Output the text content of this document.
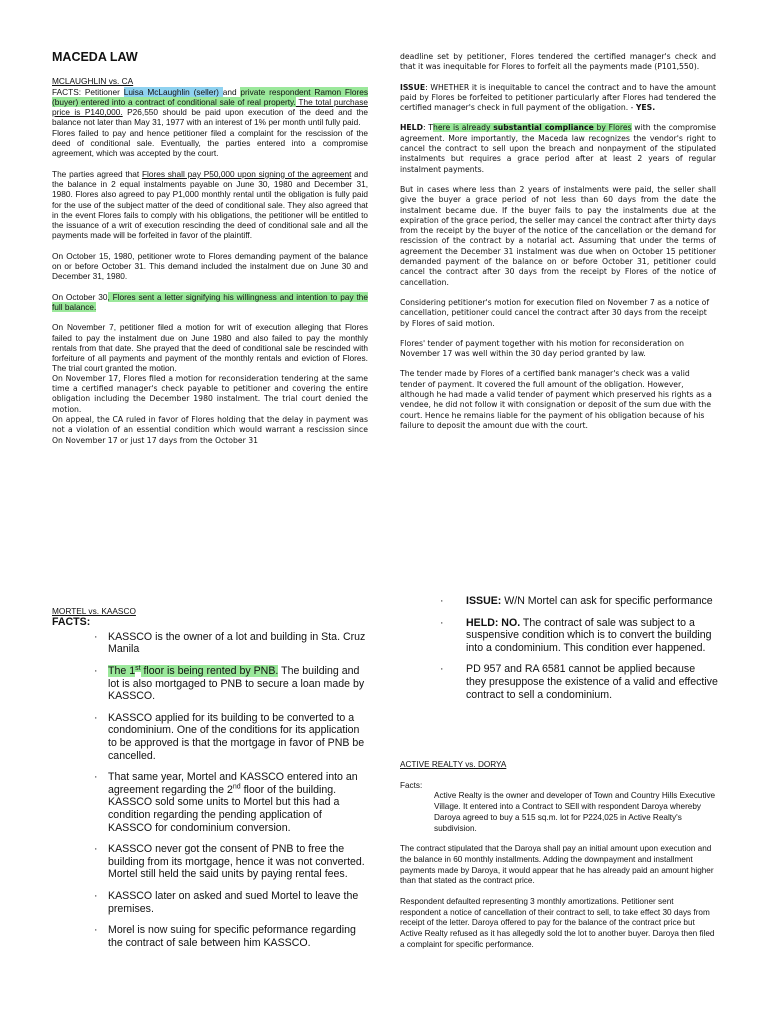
MACEDA LAW

MCLAUGHLIN vs. CA

FACTS: Petitioner Luisa McLaughlin (seller) and private respondent Ramon Flores (buyer) entered into a contract of conditional sale of real property. The total purchase price is P140,000. P26,550 should be paid upon execution of the deed and the balance not later than May 31, 1977 with an interest of 1% per month until fully paid.

Flores failed to pay and hence petitioner filed a complaint for the rescission of the deed of conditional sale. Eventually, the parties entered into a compromise agreement, which was accepted by the court.

The parties agreed that Flores shall pay P50,000 upon signing of the agreement and the balance in 2 equal instalments payable on June 30, 1980 and December 31, 1980. Flores also agreed to pay P1,000 monthly rental until the obligation is fully paid for the use of the subject matter of the deed of conditional sale. They also agreed that in the event Flores fails to comply with his obligations, the petitioner will be entitled to the issuance of a writ of execution rescinding the deed of conditional sale and all the payments made will be forfeited in favor of the plaintiff.

On October 15, 1980, petitioner wrote to Flores demanding payment of the balance on or before October 31. This demand included the instalment due on June 30 and December 31, 1980.

On October 30, Flores sent a letter signifying his willingness and intention to pay the full balance.

On November 7, petitioner filed a motion for writ of execution alleging that Flores failed to pay the instalment due on June 1980 and also failed to pay the monthly rentals from that date. She prayed that the deed of conditional sale be rescinded with forfeiture of all payments and payment of the monthly rentals and eviction of Flores. The trial court granted the motion.

On November 17, Flores filed a motion for reconsideration tendering at the same time a certified manager's check payable to petitioner and covering the entire obligation including the December 1980 instalment. The trial court denied the motion.

On appeal, the CA ruled in favor of Flores holding that the delay in payment was not a violation of an essential condition which would warrant a rescission since On November 17 or just 17 days from the October 31

deadline set by petitioner, Flores tendered the certified manager's check and that it was inequitable for Flores to forfeit all the payments made (P101,550).

ISSUE: WHETHER it is inequitable to cancel the contract and to have the amount paid by Flores be forfeited to petitioner particularly after Flores had tendered the certified manager's check in full payment of the obligation. - YES.

HELD: There is already substantial compliance by Flores with the compromise agreement. More importantly, the Maceda law recognizes the vendor's right to cancel the contract to sell upon the breach and nonpayment of the stipulated instalments but requires a grace period after at least 2 years of regular instalment payments.

But in cases where less than 2 years of instalments were paid, the seller shall give the buyer a grace period of not less than 60 days from the date the instalment became due. If the buyer fails to pay the instalments due at the expiration of the grace period, the seller may cancel the contract after thirty days from the receipt by the buyer of the notice of the cancellation or the demand for rescission of the contract by a notarial act. Assuming that under the terms of agreement the December 31 instalment was due when on October 15 petitioner demanded payment of the balance on or before October 31, petitioner could cancel the contract after 30 days from the receipt by Flores of the notice of cancellation.

Considering petitioner's motion for execution filed on November 7 as a notice of cancellation, petitioner could cancel the contract after 30 days from the receipt by Flores of said motion.

Flores' tender of payment together with his motion for reconsideration on November 17 was well within the 30 day period granted by law.

The tender made by Flores of a certified bank manager's check was a valid tender of payment. It covered the full amount of the obligation. However, although he had made a valid tender of payment which preserved his rights as a vendee, he did not follow it with consignation or deposit of the sum due with the court. Hence he remains liable for the payment of his obligation because of his failure to deposit the amount due with the court.

MORTEL vs. KAASCO

FACTS:

· KASSCO is the owner of a lot and building in Sta. Cruz Manila
· The 1st floor is being rented by PNB. The building and lot is also mortgaged to PNB to secure a loan made by KASSCO.
· KASSCO applied for its building to be converted to a condominium. One of the conditions for its application to be approved is that the mortgage in favor of PNB be cancelled.
· That same year, Mortel and KASSCO entered into an agreement regarding the 2nd floor of the building. KASSCO sold some units to Mortel but this had a condition regarding the pending application of KASSCO for condominium conversion.
· KASSCO never got the consent of PNB to free the building from its mortgage, hence it was not converted.
Mortel still held the said units by paying rental fees.
· KASSCO later on asked and sued Mortel to leave the premises.
· Morel is now suing for specific peformance regarding the contract of sale between him KASSCO.
· ISSUE: W/N Mortel can ask for specific performance
· HELD: NO. The contract of sale was subject to a suspensive condition which is to convert the building into a condominium. This condition ever happened.
· PD 957 and RA 6581 cannot be applied because they presuppose the existence of a valid and effective contract to sell a condominium.

ACTIVE REALTY vs. DORYA

Facts:

Active Realty is the owner and developer of Town and Country Hills Executive Village. It entered into a Contract to SEll with respondent Daroya whereby Daroya agreed to buy a 515 sq.m. lot for P224,025 in Active Realty's subdivision.

The contract stipulated that the Daroya shall pay an initial amount upon execution and the balance in 60 monthly installments. Adding the downpayment and installment payments made by Daroya, it would appear that he has already paid an amount higher than that stated as the contract price.

Respondent defaulted representing 3 monthly amortizations. Petitioner sent respondent a notice of cancellation of their contract to sell, to take effect 30 days from receipt of the letter. Daroya offered to pay for the balance of the contract price but Active Realty refused as it has allegedly sold the lot to another buyer. Daroya then filed a complaint for specific performance.
